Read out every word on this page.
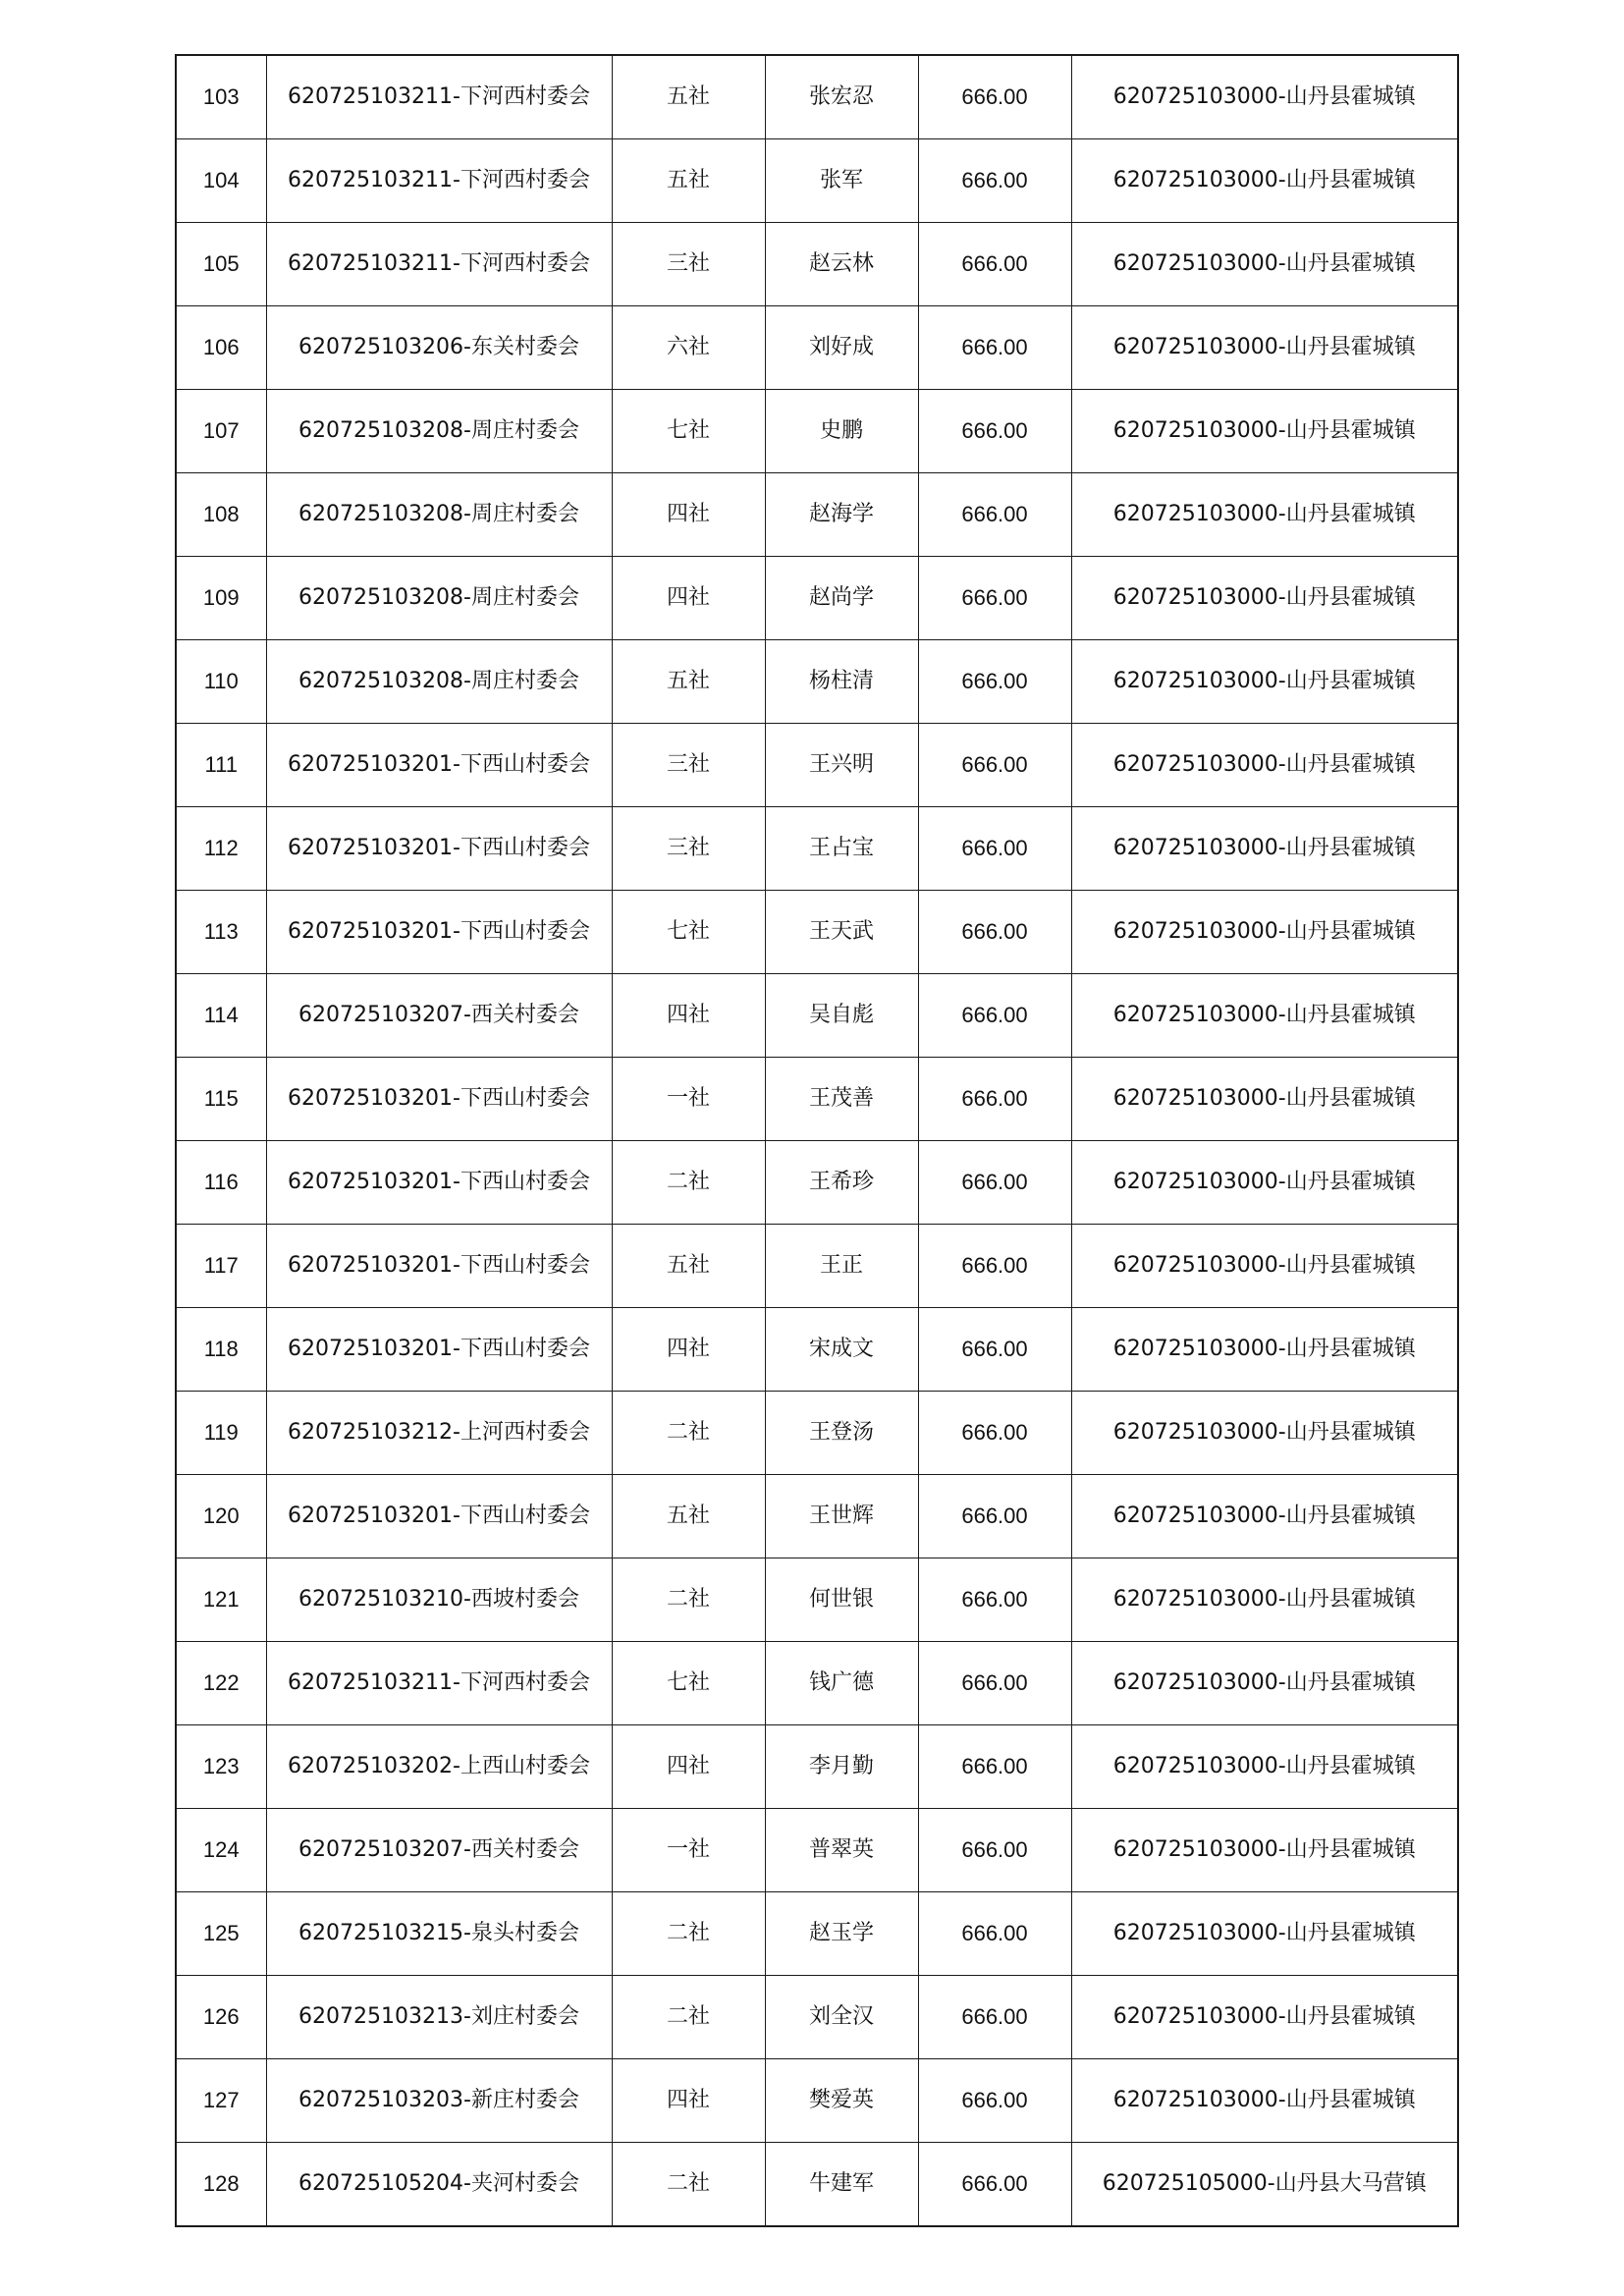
103	620725103211-下河西村委会	五社	张宏忍	666.00	620725103000-山丹县霍城镇
104	620725103211-下河西村委会	五社	张军	666.00	620725103000-山丹县霍城镇
105	620725103211-下河西村委会	三社	赵云林	666.00	620725103000-山丹县霍城镇
106	620725103206-东关村委会	六社	刘好成	666.00	620725103000-山丹县霍城镇
107	620725103208-周庄村委会	七社	史鹏	666.00	620725103000-山丹县霍城镇
108	620725103208-周庄村委会	四社	赵海学	666.00	620725103000-山丹县霍城镇
109	620725103208-周庄村委会	四社	赵尚学	666.00	620725103000-山丹县霍城镇
110	620725103208-周庄村委会	五社	杨柱清	666.00	620725103000-山丹县霍城镇
111	620725103201-下西山村委会	三社	王兴明	666.00	620725103000-山丹县霍城镇
112	620725103201-下西山村委会	三社	王占宝	666.00	620725103000-山丹县霍城镇
113	620725103201-下西山村委会	七社	王天武	666.00	620725103000-山丹县霍城镇
114	620725103207-西关村委会	四社	吴自彪	666.00	620725103000-山丹县霍城镇
115	620725103201-下西山村委会	一社	王茂善	666.00	620725103000-山丹县霍城镇
116	620725103201-下西山村委会	二社	王希珍	666.00	620725103000-山丹县霍城镇
117	620725103201-下西山村委会	五社	王正	666.00	620725103000-山丹县霍城镇
118	620725103201-下西山村委会	四社	宋成文	666.00	620725103000-山丹县霍城镇
119	620725103212-上河西村委会	二社	王登汤	666.00	620725103000-山丹县霍城镇
120	620725103201-下西山村委会	五社	王世辉	666.00	620725103000-山丹县霍城镇
121	620725103210-西坡村委会	二社	何世银	666.00	620725103000-山丹县霍城镇
122	620725103211-下河西村委会	七社	钱广德	666.00	620725103000-山丹县霍城镇
123	620725103202-上西山村委会	四社	李月勤	666.00	620725103000-山丹县霍城镇
124	620725103207-西关村委会	一社	普翠英	666.00	620725103000-山丹县霍城镇
125	620725103215-泉头村委会	二社	赵玉学	666.00	620725103000-山丹县霍城镇
126	620725103213-刘庄村委会	二社	刘全汉	666.00	620725103000-山丹县霍城镇
127	620725103203-新庄村委会	四社	樊爱英	666.00	620725103000-山丹县霍城镇
128	620725105204-夹河村委会	二社	牛建军	666.00	620725105000-山丹县大马营镇
